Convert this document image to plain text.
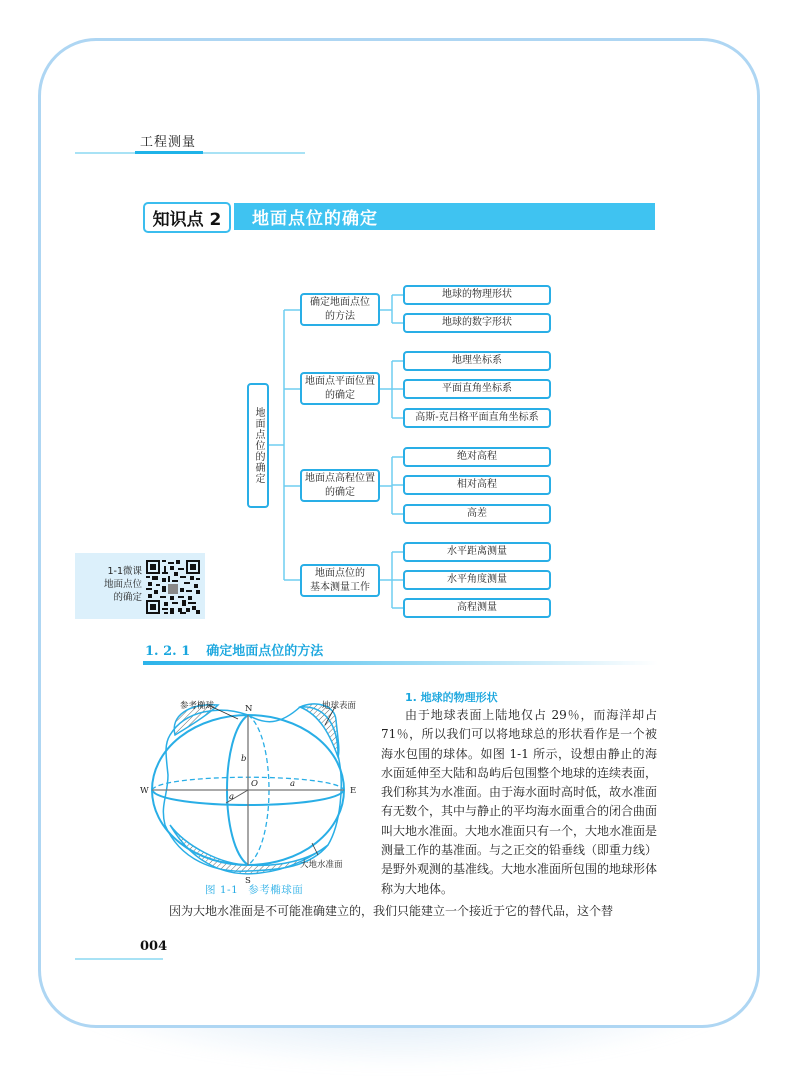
工程测量
知识点 2	地面点位的确定
地面点位的确定
确定地面点位
的方法
地面点平面位置
的确定
地面点高程位置
的确定
地面点位的
基本测量工作
地球的物理形状
地球的数字形状
地理坐标系
平面直角坐标系
高斯-克吕格平面直角坐标系
绝对高程
相对高程
高差
水平距离测量
水平角度测量
高程测量
1-1微课
地面点位
的确定
1. 2. 1 确定地面点位的方法
参考椭球	地球表面
大地水准面
N
S
W	E
O	a
a
b
图 1-1 参考椭球面
1. 地球的物理形状
由于地球表面上陆地仅占 29％，而海洋却占 71％，所以我们可以将地球总的形状看作是一个被海水包围的球体。如图 1-1 所示，设想由静止的海水面延伸至大陆和岛屿后包围整个地球的连续表面，我们称其为水准面。由于海水面时高时低，故水准面有无数个，其中与静止的平均海水面重合的闭合曲面叫大地水准面。大地水准面只有一个，大地水准面是测量工作的基准面。与之正交的铅垂线（即重力线）是野外观测的基准线。大地水准面所包围的地球形体称为大地体。
因为大地水准面是不可能准确建立的，我们只能建立一个接近于它的替代品，这个替
004
